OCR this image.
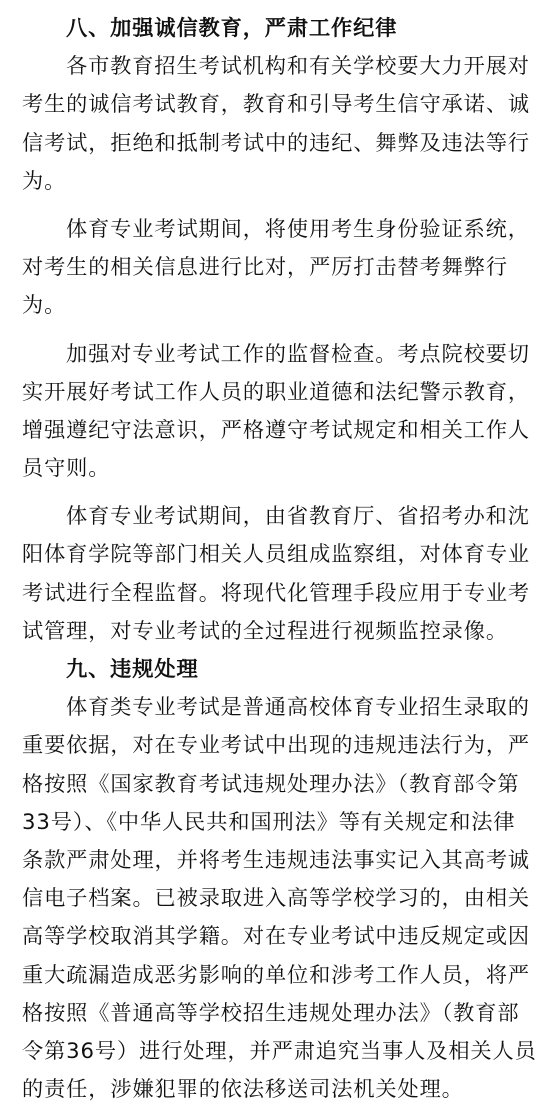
八、加强诚信教育，严肃工作纪律
各市教育招生考试机构和有关学校要大力开展对
考生的诚信考试教育，教育和引导考生信守承诺、诚
信考试，拒绝和抵制考试中的违纪、舞弊及违法等行
为。
体育专业考试期间，将使用考生身份验证系统，
对考生的相关信息进行比对，严厉打击替考舞弊行
为。
加强对专业考试工作的监督检查。考点院校要切
实开展好考试工作人员的职业道德和法纪警示教育，
增强遵纪守法意识，严格遵守考试规定和相关工作人
员守则。
体育专业考试期间，由省教育厅、省招考办和沈
阳体育学院等部门相关人员组成监察组，对体育专业
考试进行全程监督。将现代化管理手段应用于专业考
试管理，对专业考试的全过程进行视频监控录像。
九、违规处理
体育类专业考试是普通高校体育专业招生录取的
重要依据，对在专业考试中出现的违规违法行为，严
格按照《国家教育考试违规处理办法》（教育部令第
33号）、《中华人民共和国刑法》等有关规定和法律
条款严肃处理，并将考生违规违法事实记入其高考诚
信电子档案。已被录取进入高等学校学习的，由相关
高等学校取消其学籍。对在专业考试中违反规定或因
重大疏漏造成恶劣影响的单位和涉考工作人员，将严
格按照《普通高等学校招生违规处理办法》（教育部
令第36号）进行处理，并严肃追究当事人及相关人员
的责任，涉嫌犯罪的依法移送司法机关处理。
